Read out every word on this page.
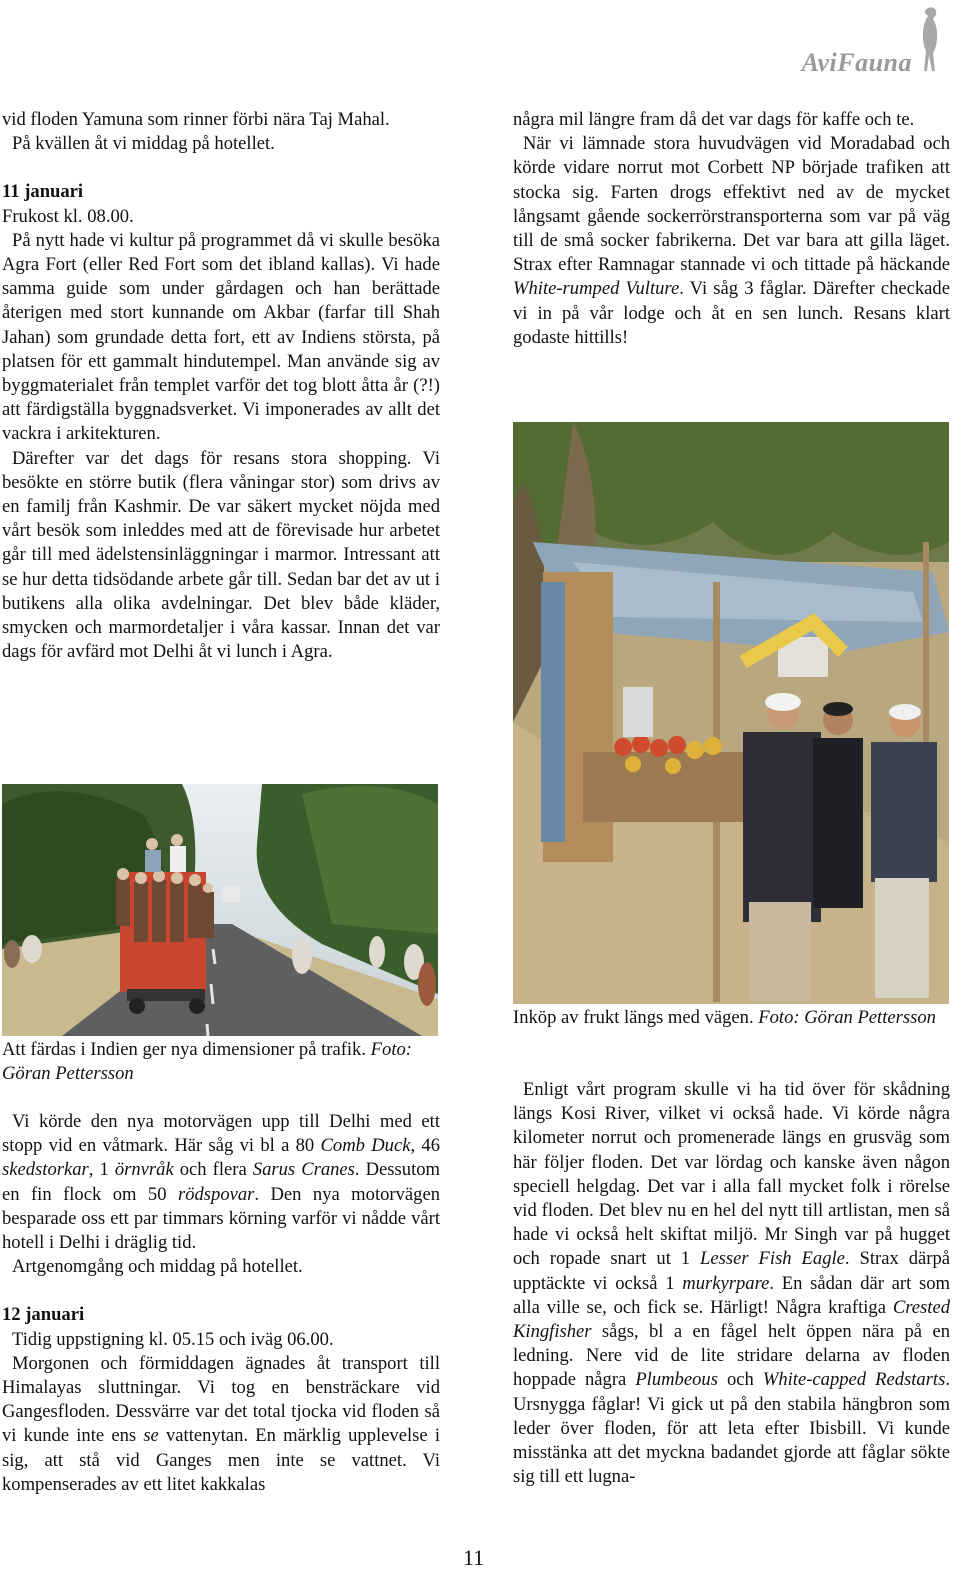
AviFauna

vid floden Yamuna som rinner förbi nära Taj Mahal.

På kvällen åt vi middag på hotellet.

11 januari

Frukost kl. 08.00.

På nytt hade vi kultur på programmet då vi skulle besöka Agra Fort (eller Red Fort som det ibland kallas). Vi hade samma guide som under gårdagen och han berättade återigen med stort kunnande om Akbar (farfar till Shah Jahan) som grundade detta fort, ett av Indiens största, på platsen för ett gammalt hindutempel. Man använde sig av byggmaterialet från templet varför det tog blott åtta år (?!) att färdigställa byggnadsverket. Vi imponerades av allt det vackra i arkitekturen.

Därefter var det dags för resans stora shopping. Vi besökte en större butik (flera våningar stor) som drivs av en familj från Kashmir. De var säkert mycket nöjda med vårt besök som inleddes med att de förevisade hur arbetet går till med ädelstensinläggningar i marmor. Intressant att se hur detta tidsödande arbete går till. Sedan bar det av ut i butikens alla olika avdelningar. Det blev både kläder, smycken och marmordetaljer i våra kassar. Innan det var dags för avfärd mot Delhi åt vi lunch i Agra.

Att färdas i Indien ger nya dimensioner på trafik. Foto: Göran Pettersson

Vi körde den nya motorvägen upp till Delhi med ett stopp vid en våtmark. Här såg vi bl a 80 Comb Duck, 46 skedstorkar, 1 örnvråk och flera Sarus Cranes. Dessutom en fin flock om 50 rödspovar. Den nya motorvägen besparade oss ett par timmars körning varför vi nådde vårt hotell i Delhi i dräglig tid.

Artgenomgång och middag på hotellet.

12 januari

Tidig uppstigning kl. 05.15 och iväg 06.00.

Morgonen och förmiddagen ägnades åt transport till Himalayas sluttningar. Vi tog en bensträckare vid Gangesfloden. Dessvärre var det total tjocka vid floden så vi kunde inte ens se vattenytan. En märklig upplevelse i sig, att stå vid Ganges men inte se vattnet. Vi kompenserades av ett litet kakkalas

några mil längre fram då det var dags för kaffe och te.

När vi lämnade stora huvudvägen vid Moradabad och körde vidare norrut mot Corbett NP började trafiken att stocka sig. Farten drogs effektivt ned av de mycket långsamt gående sockerrörstransporterna som var på väg till de små socker fabrikerna. Det var bara att gilla läget. Strax efter Ramnagar stannade vi och tittade på häckande White-rumped Vulture. Vi såg 3 fåglar. Därefter checkade vi in på vår lodge och åt en sen lunch. Resans klart godaste hittills!

Inköp av frukt längs med vägen. Foto: Göran Pettersson

Enligt vårt program skulle vi ha tid över för skådning längs Kosi River, vilket vi också hade. Vi körde några kilometer norrut och promenerade längs en grusväg som här följer floden. Det var lördag och kanske även någon speciell helgdag. Det var i alla fall mycket folk i rörelse vid floden. Det blev nu en hel del nytt till artlistan, men så hade vi också helt skiftat miljö. Mr Singh var på hugget och ropade snart ut 1 Lesser Fish Eagle. Strax därpå upptäckte vi också 1 murkyrpare. En sådan där art som alla ville se, och fick se. Härligt! Några kraftiga Crested Kingfisher sågs, bl a en fågel helt öppen nära på en ledning. Nere vid de lite stridare delarna av floden hoppade några Plumbeous och White-capped Redstarts. Ursnygga fåglar! Vi gick ut på den stabila hängbron som leder över floden, för att leta efter Ibisbill. Vi kunde misstänka att det myckna badandet gjorde att fåglar sökte sig till ett lugna-

11
